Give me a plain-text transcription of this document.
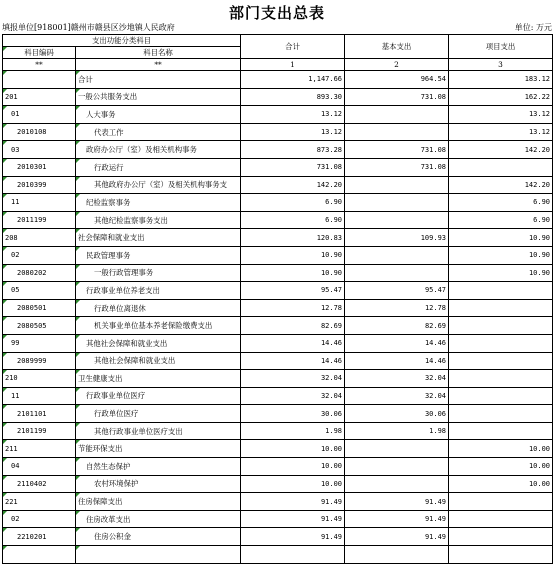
部门支出总表
填报单位[918001]赣州市赣县区沙地镇人民政府	单位: 万元
支出功能分类科目		合计	基本支出	项目支出
科目编码	科目名称			
**	**	1	2	3
	合计	1,147.66	964.54	183.12
201	一般公共服务支出	893.30	731.08	162.22
01	人大事务	13.12		13.12
2010108	代表工作	13.12		13.12
03	政府办公厅（室）及相关机构事务	873.28	731.08	142.20
2010301	行政运行	731.08	731.08	
2010399	其他政府办公厅（室）及相关机构事务支	142.20		142.20
11	纪检监察事务	6.90		6.90
2011199	其他纪检监察事务支出	6.90		6.90
208	社会保障和就业支出	120.83	109.93	10.90
02	民政管理事务	10.90		10.90
2080202	一般行政管理事务	10.90		10.90
05	行政事业单位养老支出	95.47	95.47	
2080501	行政单位离退休	12.78	12.78	
2080505	机关事业单位基本养老保险缴费支出	82.69	82.69	
99	其他社会保障和就业支出	14.46	14.46	
2089999	其他社会保障和就业支出	14.46	14.46	
210	卫生健康支出	32.04	32.04	
11	行政事业单位医疗	32.04	32.04	
2101101	行政单位医疗	30.06	30.06	
2101199	其他行政事业单位医疗支出	1.98	1.98	
211	节能环保支出	10.00		10.00
04	自然生态保护	10.00		10.00
2110402	农村环境保护	10.00		10.00
221	住房保障支出	91.49	91.49	
02	住房改革支出	91.49	91.49	
2210201	住房公积金	91.49	91.49	
